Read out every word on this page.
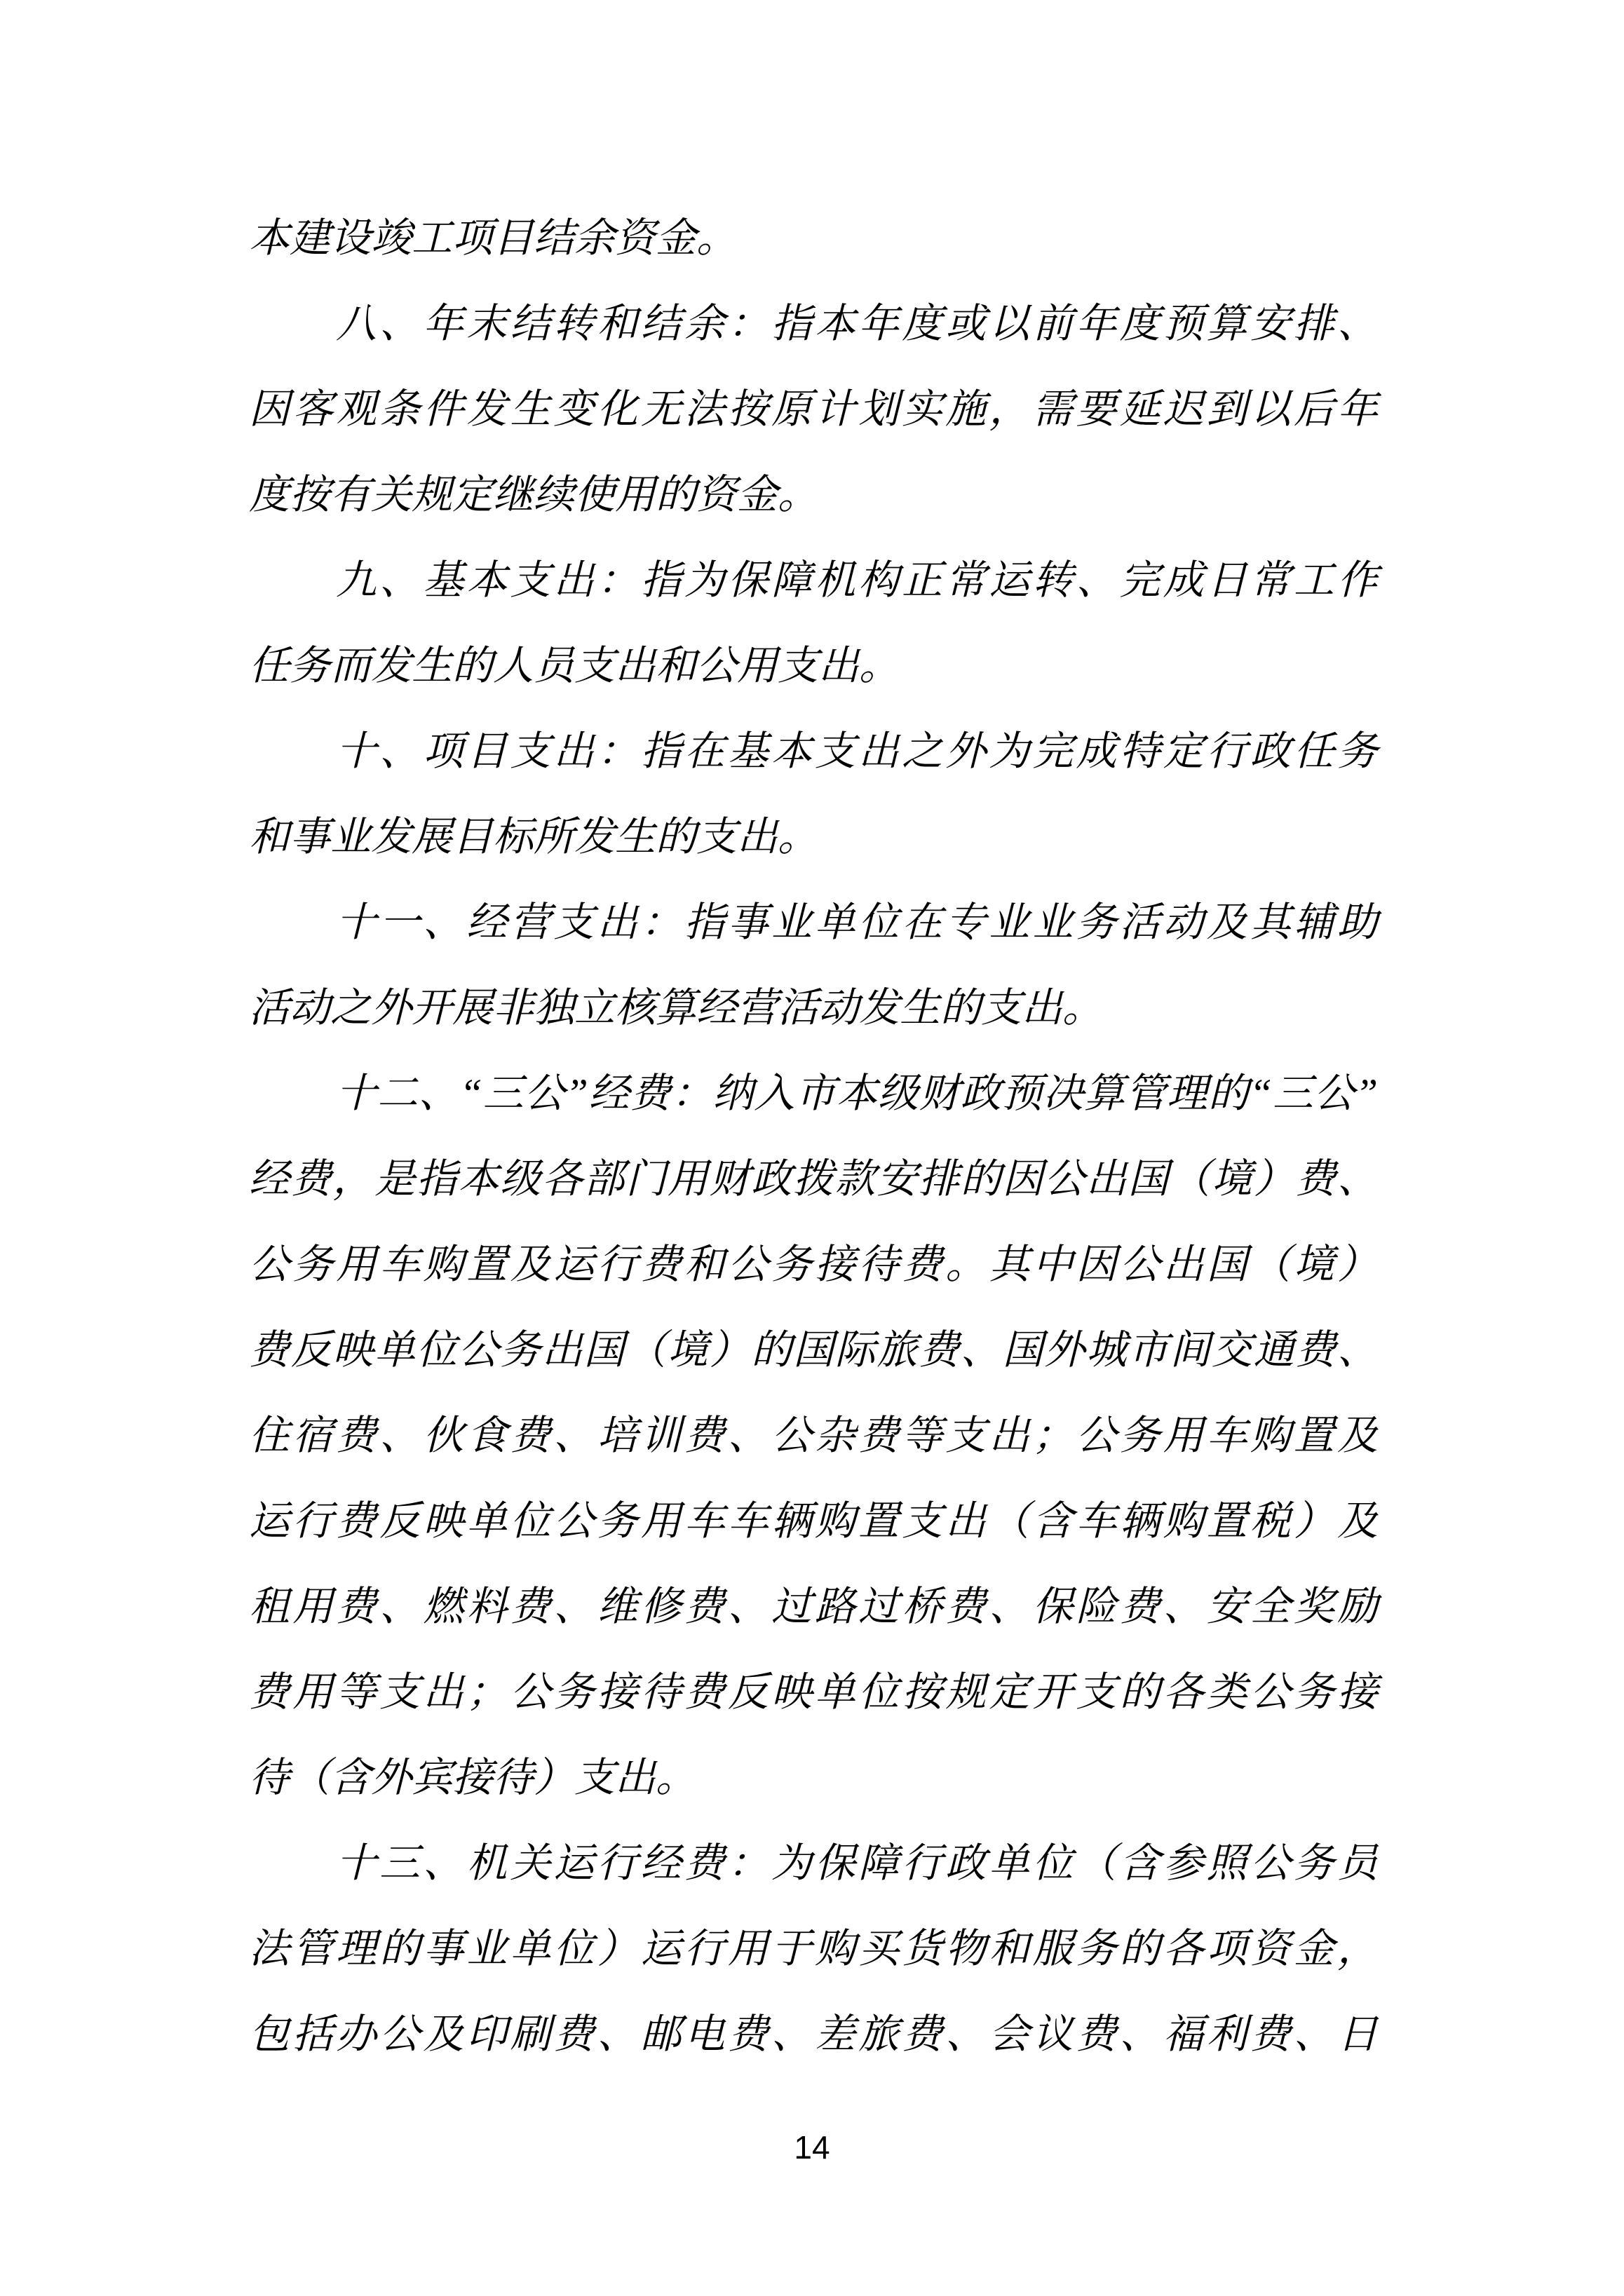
本建设竣工项目结余资金。
八、年末结转和结余：指本年度或以前年度预算安排、
因客观条件发生变化无法按原计划实施，需要延迟到以后年
度按有关规定继续使用的资金。
九、基本支出：指为保障机构正常运转、完成日常工作
任务而发生的人员支出和公用支出。
十、项目支出：指在基本支出之外为完成特定行政任务
和事业发展目标所发生的支出。
十一、经营支出：指事业单位在专业业务活动及其辅助
活动之外开展非独立核算经营活动发生的支出。
十二、“三公”经费：纳入市本级财政预决算管理的“三公”
经费，是指本级各部门用财政拨款安排的因公出国（境）费、
公务用车购置及运行费和公务接待费。其中因公出国（境）
费反映单位公务出国（境）的国际旅费、国外城市间交通费、
住宿费、伙食费、培训费、公杂费等支出；公务用车购置及
运行费反映单位公务用车车辆购置支出（含车辆购置税）及
租用费、燃料费、维修费、过路过桥费、保险费、安全奖励
费用等支出；公务接待费反映单位按规定开支的各类公务接
待（含外宾接待）支出。
十三、机关运行经费：为保障行政单位（含参照公务员
法管理的事业单位）运行用于购买货物和服务的各项资金，
包括办公及印刷费、邮电费、差旅费、会议费、福利费、日
14
